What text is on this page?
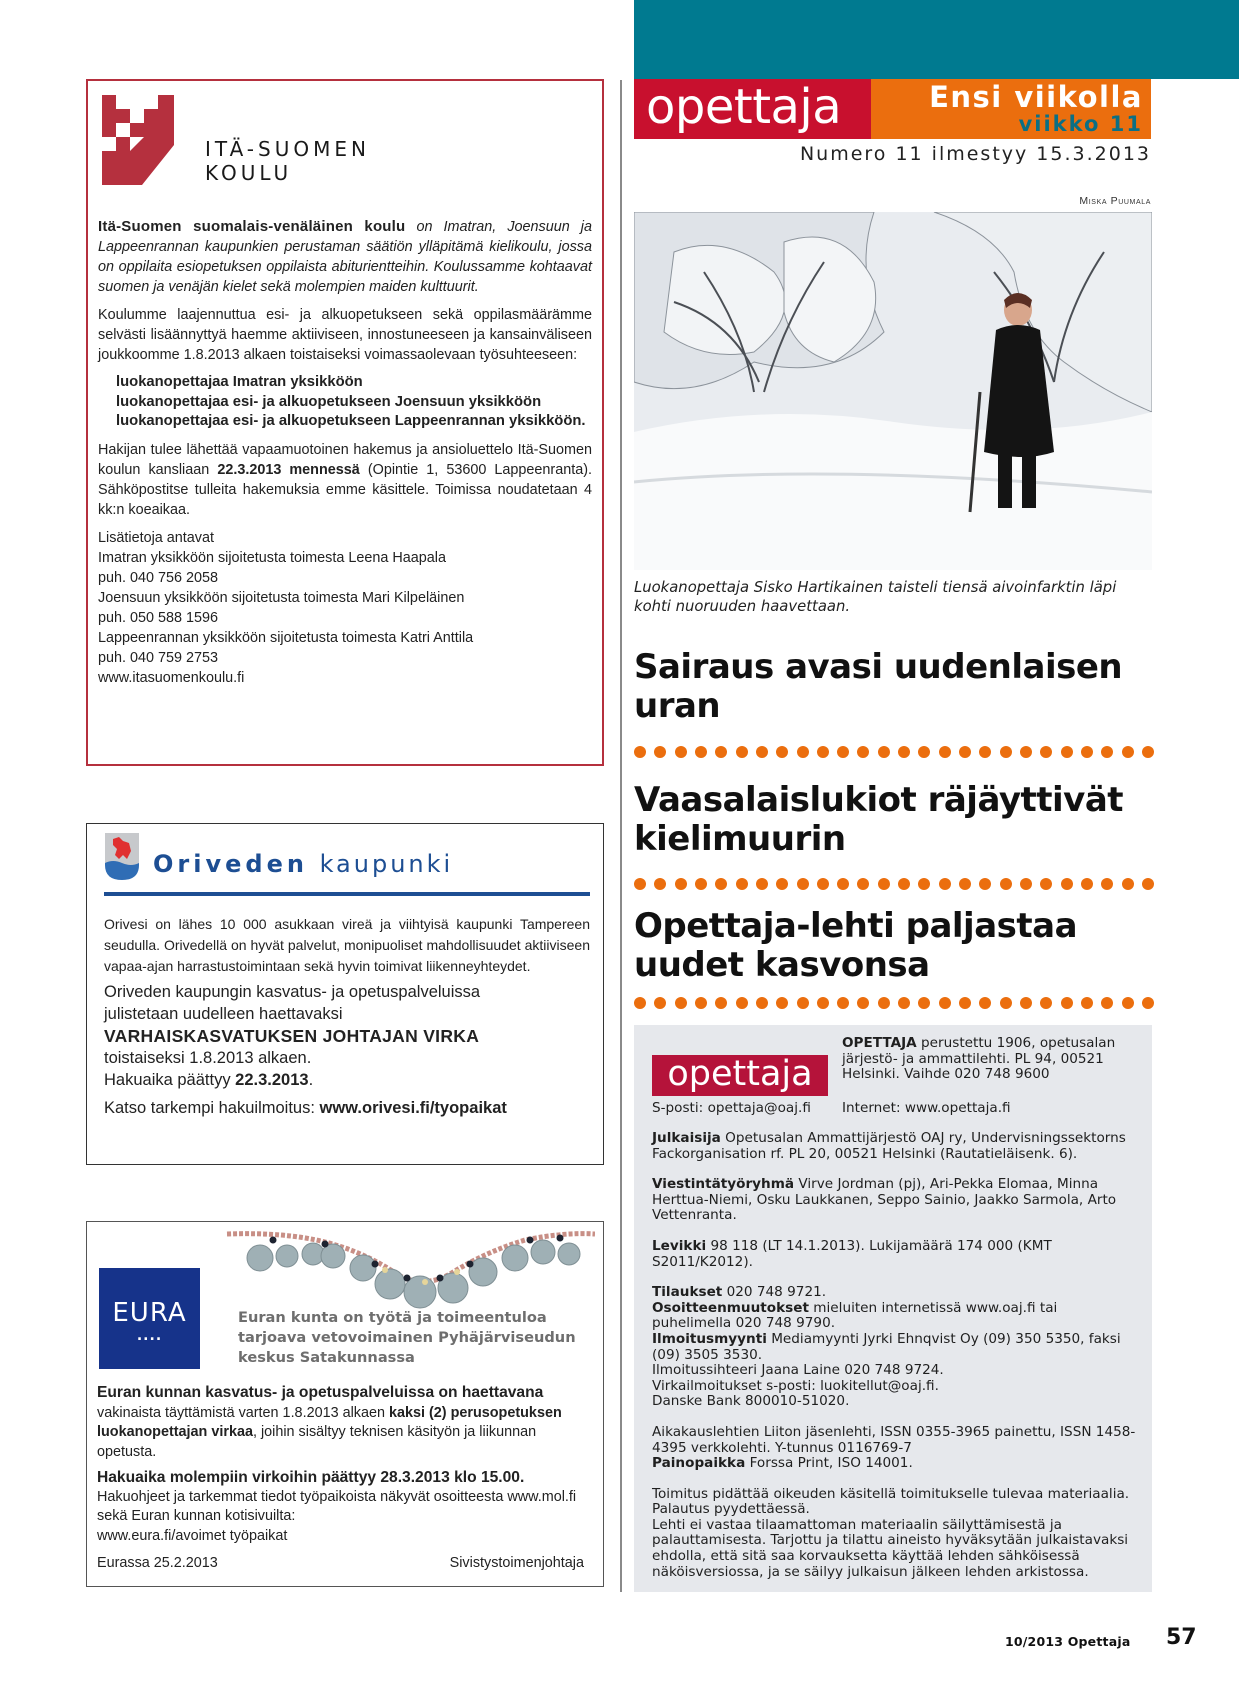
ITÄ-SUOMEN
KOULU

Itä-Suomen suomalais-venäläinen koulu on Imatran, Joensuun ja Lappeenrannan kaupunkien perustaman säätiön ylläpitämä kielikoulu, jossa on oppilaita esiopetuksen oppilaista abiturientteihin. Koulussamme kohtaavat suomen ja venäjän kielet sekä molempien maiden kulttuurit.

Koulumme laajennuttua esi- ja alkuopetukseen sekä oppilasmäärämme selvästi lisäännyttyä haemme aktiiviseen, innostuneeseen ja kansainväliseen joukkoomme 1.8.2013 alkaen toistaiseksi voimassaolevaan työsuhteeseen:

luokanopettajaa Imatran yksikköön
luokanopettajaa esi- ja alkuopetukseen Joensuun yksikköön
luokanopettajaa esi- ja alkuopetukseen Lappeenrannan yksikköön.

Hakijan tulee lähettää vapaamuotoinen hakemus ja ansioluettelo Itä-Suomen koulun kansliaan 22.3.2013 mennessä (Opintie 1, 53600 Lappeenranta). Sähköpostitse tulleita hakemuksia emme käsittele. Toimissa noudatetaan 4 kk:n koeaikaa.

Lisätietoja antavat
Imatran yksikköön sijoitetusta toimesta Leena Haapala
puh. 040 756 2058
Joensuun yksikköön sijoitetusta toimesta Mari Kilpeläinen
puh. 050 588 1596
Lappeenrannan yksikköön sijoitetusta toimesta Katri Anttila
puh. 040 759 2753
www.itasuomenkoulu.fi
Oriveden kaupunki

Orivesi on lähes 10 000 asukkaan vireä ja viihtyisä kaupunki Tampereen seudulla. Orivedellä on hyvät palvelut, monipuoliset mahdollisuudet aktiiviseen vapaa-ajan harrastustoimintaan sekä hyvin toimivat liikenneyhteydet.

Oriveden kaupungin kasvatus- ja opetuspalveluissa
julistetaan uudelleen haettavaksi
VARHAISKASVATUKSEN JOHTAJAN VIRKA
toistaiseksi 1.8.2013 alkaen.
Hakuaika päättyy 22.3.2013.
Katso tarkempi hakuilmoitus: www.orivesi.fi/tyopaikat
EURA
....
Euran kunta on työtä ja toimeentuloa tarjoava vetovoimainen Pyhäjärviseudun keskus Satakunnassa

Euran kunnan kasvatus- ja opetuspalveluissa on haettavana vakinaista täyttämistä varten 1.8.2013 alkaen kaksi (2) perusopetuksen luokanopettajan virkaa, joihin sisältyy teknisen käsityön ja liikunnan opetusta.

Hakuaika molempiin virkoihin päättyy 28.3.2013 klo 15.00.
Hakuohjeet ja tarkemmat tiedot työpaikoista näkyvät osoitteesta www.mol.fi sekä Euran kunnan kotisivuilta:
www.eura.fi/avoimet työpaikat

Eurassa 25.2.2013	Sivistystoimenjohtaja
opettaja	Ensi viikolla
viikko 11
Numero 11 ilmestyy 15.3.2013
Miska Puumala
Luokanopettaja Sisko Hartikainen taisteli tiensä aivoinfarktin läpi kohti nuoruuden haavettaan.
Sairaus avasi uudenlaisen uran
Vaasalaislukiot räjäyttivät kielimuurin
Opettaja-lehti paljastaa uudet kasvonsa
opettaja
OPETTAJA perustettu 1906, opetusalan järjestö- ja ammattilehti. PL 94, 00521 Helsinki. Vaihde 020 748 9600
S-posti: opettaja@oaj.fi Internet: www.opettaja.fi

Julkaisija Opetusalan Ammattijärjestö OAJ ry, Undervisningssektorns Fackorganisation rf. PL 20, 00521 Helsinki (Rautatieläisenk. 6).

Viestintätyöryhmä Virve Jordman (pj), Ari-Pekka Elomaa, Minna Herttua-Niemi, Osku Laukkanen, Seppo Sainio, Jaakko Sarmola, Arto Vettenranta.

Levikki 98 118 (LT 14.1.2013). Lukijamäärä 174 000 (KMT S2011/K2012).

Tilaukset 020 748 9721.
Osoitteenmuutokset mieluiten internetissä www.oaj.fi tai puhelimella 020 748 9790.
Ilmoitusmyynti Mediamyynti Jyrki Ehnqvist Oy (09) 350 5350, faksi (09) 3505 3530.
Ilmoitussihteeri Jaana Laine 020 748 9724.
Virkailmoitukset s-posti: luokitellut@oaj.fi.
Danske Bank 800010-51020.

Aikakauslehtien Liiton jäsenlehti, ISSN 0355-3965 painettu, ISSN 1458-4395 verkkolehti. Y-tunnus 0116769-7
Painopaikka Forssa Print, ISO 14001.

Toimitus pidättää oikeuden käsitellä toimitukselle tulevaa materiaalia. Palautus pyydettäessä.
Lehti ei vastaa tilaamattoman materiaalin säilyttämisestä ja palauttamisesta. Tarjottu ja tilattu aineisto hyväksytään julkaistavaksi ehdolla, että sitä saa korvauksetta käyttää lehden sähköisessä näköisversiossa, ja se säilyy julkaisun jälkeen lehden arkistossa.

10/2013 Opettaja 57
